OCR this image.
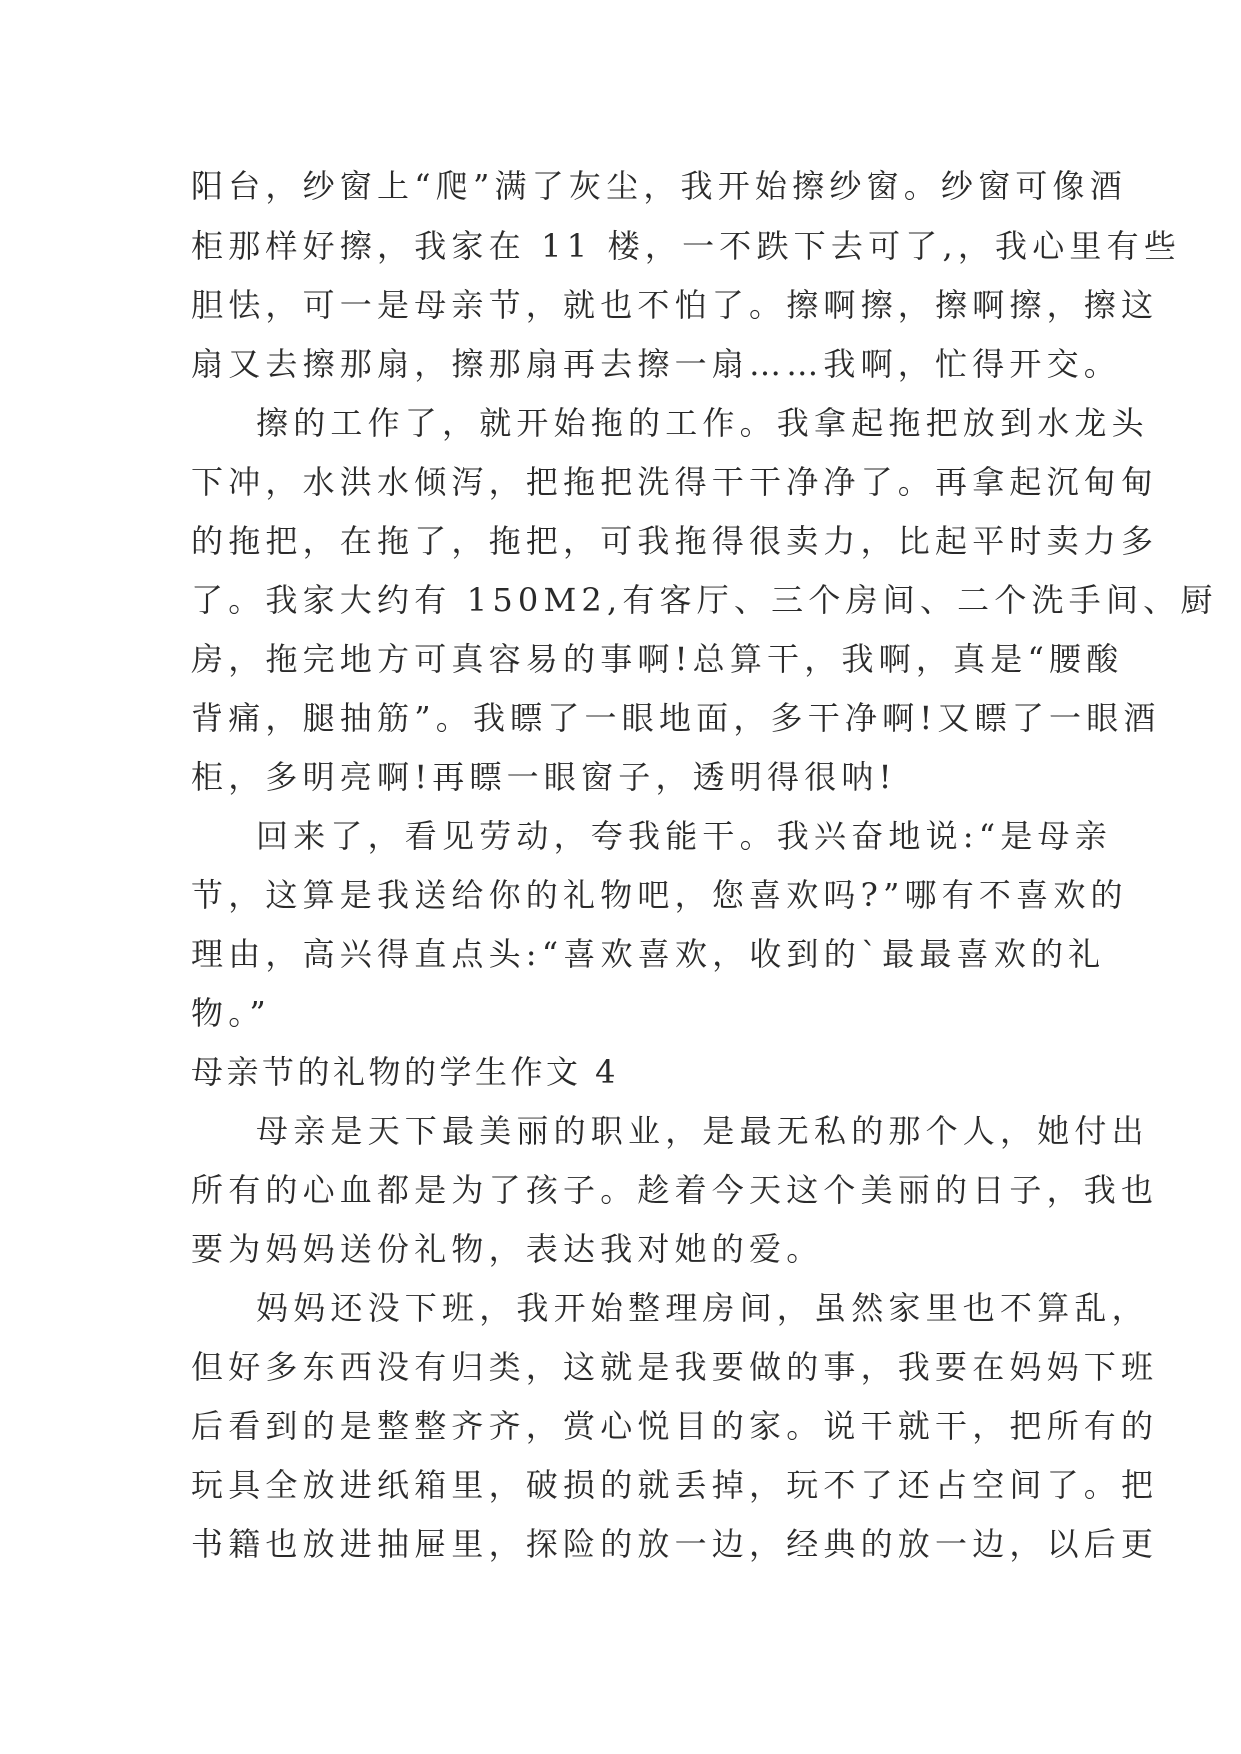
阳台，纱窗上“爬”满了灰尘，我开始擦纱窗。纱窗可像酒
柜那样好擦，我家在 11 楼，一不跌下去可了,，我心里有些
胆怯，可一是母亲节，就也不怕了。擦啊擦，擦啊擦，擦这
扇又去擦那扇，擦那扇再去擦一扇……我啊，忙得开交。
擦的工作了，就开始拖的工作。我拿起拖把放到水龙头
下冲，水洪水倾泻，把拖把洗得干干净净了。再拿起沉甸甸
的拖把，在拖了，拖把，可我拖得很卖力，比起平时卖力多
了。我家大约有 150M2,有客厅、三个房间、二个洗手间、厨
房，拖完地方可真容易的事啊!总算干，我啊，真是“腰酸
背痛，腿抽筋”。我瞟了一眼地面，多干净啊!又瞟了一眼酒
柜，多明亮啊!再瞟一眼窗子，透明得很呐!
回来了，看见劳动，夸我能干。我兴奋地说:“是母亲
节，这算是我送给你的礼物吧，您喜欢吗?”哪有不喜欢的
理由，高兴得直点头:“喜欢喜欢，收到的`最最喜欢的礼
物。”
母亲节的礼物的学生作文 4
母亲是天下最美丽的职业，是最无私的那个人，她付出
所有的心血都是为了孩子。趁着今天这个美丽的日子，我也
要为妈妈送份礼物，表达我对她的爱。
妈妈还没下班，我开始整理房间，虽然家里也不算乱，
但好多东西没有归类，这就是我要做的事，我要在妈妈下班
后看到的是整整齐齐，赏心悦目的家。说干就干，把所有的
玩具全放进纸箱里，破损的就丢掉，玩不了还占空间了。把
书籍也放进抽屉里，探险的放一边，经典的放一边，以后更
